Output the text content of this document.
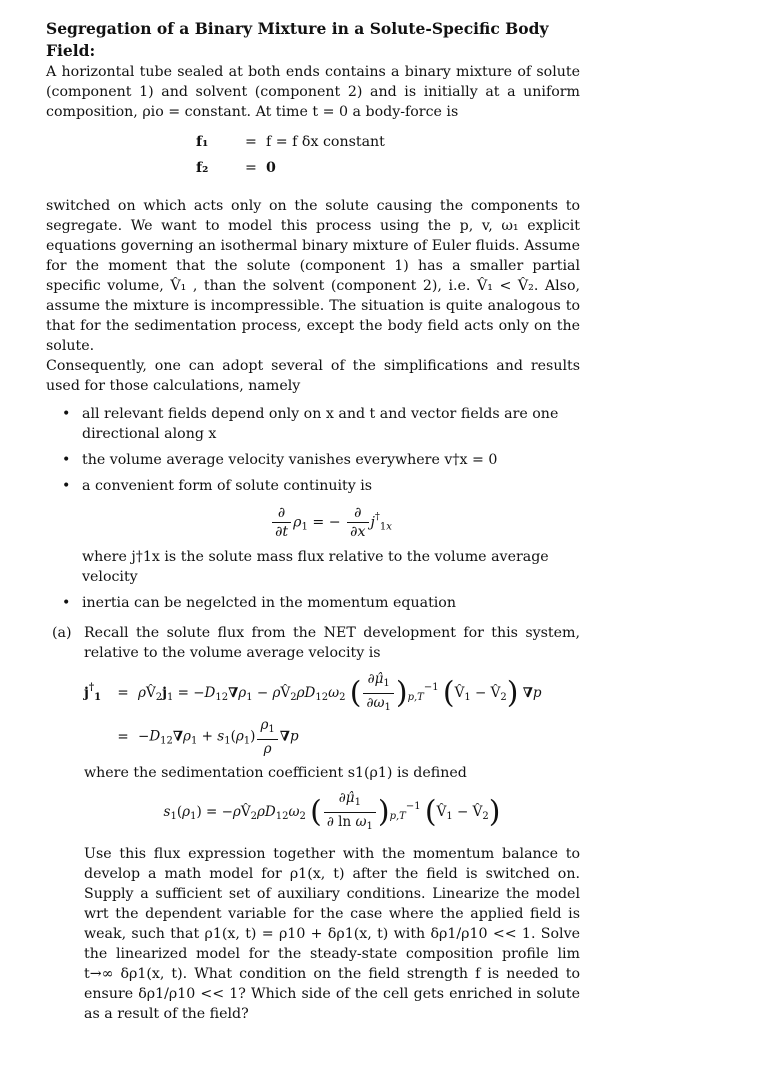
Segregation of a Binary Mixture in a Solute-Specific Body Field:

A horizontal tube sealed at both ends contains a binary mixture of solute (component 1) and solvent (component 2) and is initially at a uniform composition, ρio = constant. At time t = 0 a body-force is

f₁	= f = f δx constant
f₂	= 0

switched on which acts only on the solute causing the components to segregate. We want to model this process using the p, v, ω₁ explicit equations governing an isothermal binary mixture of Euler fluids. Assume for the moment that the solute (component 1) has a smaller partial specific volume, V̂₁ , than the solvent (component 2), i.e. V̂₁ < V̂₂. Also, assume the mixture is incompressible. The situation is quite analogous to that for the sedimentation process, except the body field acts only on the solute.

Consequently, one can adopt several of the simplifications and results used for those calculations, namely

• all relevant fields depend only on x and t and vector fields are one directional along x
• the volume average velocity vanishes everywhere v†x = 0
• a convenient form of solute continuity is
$\frac{\partial}{\partial t} \rho_1$ = − $\frac{\partial}{\partial x} j^\dagger_{1x}$
where j†1x is the solute mass flux relative to the volume average velocity
• inertia can be negelcted in the momentum equation
(a) Recall the solute flux from the NET development for this system, relative to the volume average velocity is

$j^\dagger_1$	= $\rho V̂_2j_1 = -D_{12}\nabla\rho_1$ − $\rho V̂_2\rho D_{12}\omega_2$ ( $\frac{\partial\mû_1}{\partial\omega_1} )_{p,T}^{-1}$ ($V̂_1$ − $V̂_2$) ∇p
= $-D_{12}\nabla\rho_1 + s_1(\rho_1) \frac{\rho_1}{\rho} \nabla p$

where the sedimentation coefficient s1(ρ1) is defined

$s_1(\rho_1)$ = $-\rho V̂_2\rho D_{12}\omega_2$ ( $\frac{\partial\mû_1}{\partial \ln \omega_1} )_{p,T}^{-1}$ ($V̂_1$ − $V̂_2$)

Use this flux expression together with the momentum balance to develop a math model for ρ1(x, t) after the field is switched on. Supply a sufficient set of auxiliary conditions. Linearize the model wrt the dependent variable for the case where the applied field is weak, such that ρ1(x, t) = ρ10 + δρ1(x, t) with δρ1/ρ10 << 1. Solve the linearized model for the steady-state composition profile lim t→∞ δρ1(x, t). What condition on the field strength f is needed to ensure δρ1/ρ10 << 1? Which side of the cell gets enriched in solute as a result of the field?
